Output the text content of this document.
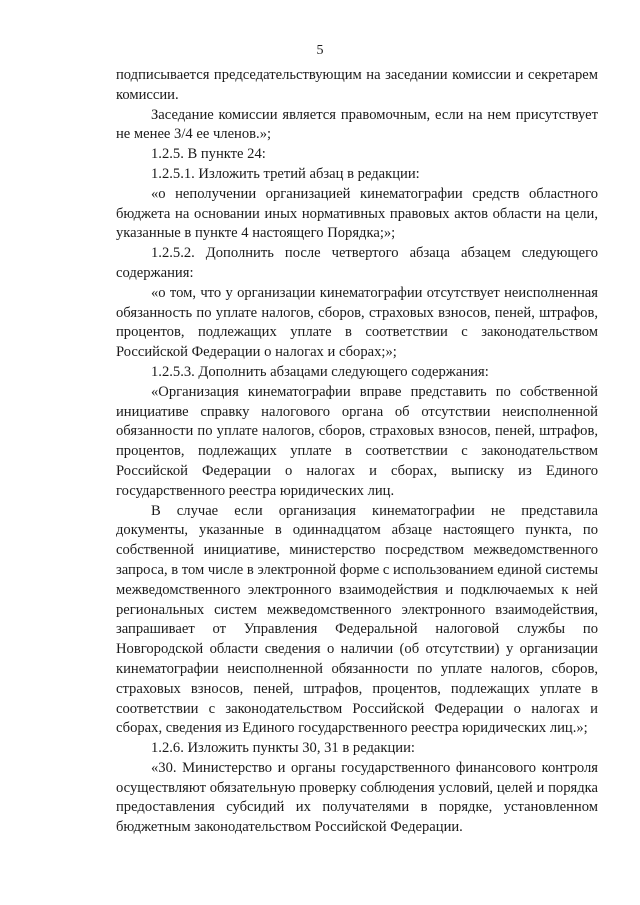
5

подписывается председательствующим на заседании комиссии и секретарем комиссии.

Заседание комиссии является правомочным, если на нем присутствует не менее 3/4 ее членов.»;

1.2.5. В пункте 24:

1.2.5.1. Изложить третий абзац в редакции:

«о неполучении организацией кинематографии средств областного бюджета на основании иных нормативных правовых актов области на цели, указанные в пункте 4 настоящего Порядка;»;

1.2.5.2. Дополнить после четвертого абзаца абзацем следующего содержания:

«о том, что у организации кинематографии отсутствует неисполненная обязанность по уплате налогов, сборов, страховых взносов, пеней, штрафов, процентов, подлежащих уплате в соответствии с законодательством Российской Федерации о налогах и сборах;»;

1.2.5.3. Дополнить абзацами следующего содержания:

«Организация кинематографии вправе представить по собственной инициативе справку налогового органа об отсутствии неисполненной обязанности по уплате налогов, сборов, страховых взносов, пеней, штрафов, процентов, подлежащих уплате в соответствии с законодательством Российской Федерации о налогах и сборах, выписку из Единого государственного реестра юридических лиц.

В случае если организация кинематографии не представила документы, указанные в одиннадцатом абзаце настоящего пункта, по собственной инициативе, министерство посредством межведомственного запроса, в том числе в электронной форме с использованием единой системы межведомственного электронного взаимодействия и подключаемых к ней региональных систем межведомственного электронного взаимодействия, запрашивает от Управления Федеральной налоговой службы по Новгородской области сведения о наличии (об отсутствии) у организации кинематографии неисполненной обязанности по уплате налогов, сборов, страховых взносов, пеней, штрафов, процентов, подлежащих уплате в соответствии с законодательством Российской Федерации о налогах и сборах, сведения из Единого государственного реестра юридических лиц.»;

1.2.6. Изложить пункты 30, 31 в редакции:

«30. Министерство и органы государственного финансового контроля осуществляют обязательную проверку соблюдения условий, целей и порядка предоставления субсидий их получателями в порядке, установленном бюджетным законодательством Российской Федерации.
